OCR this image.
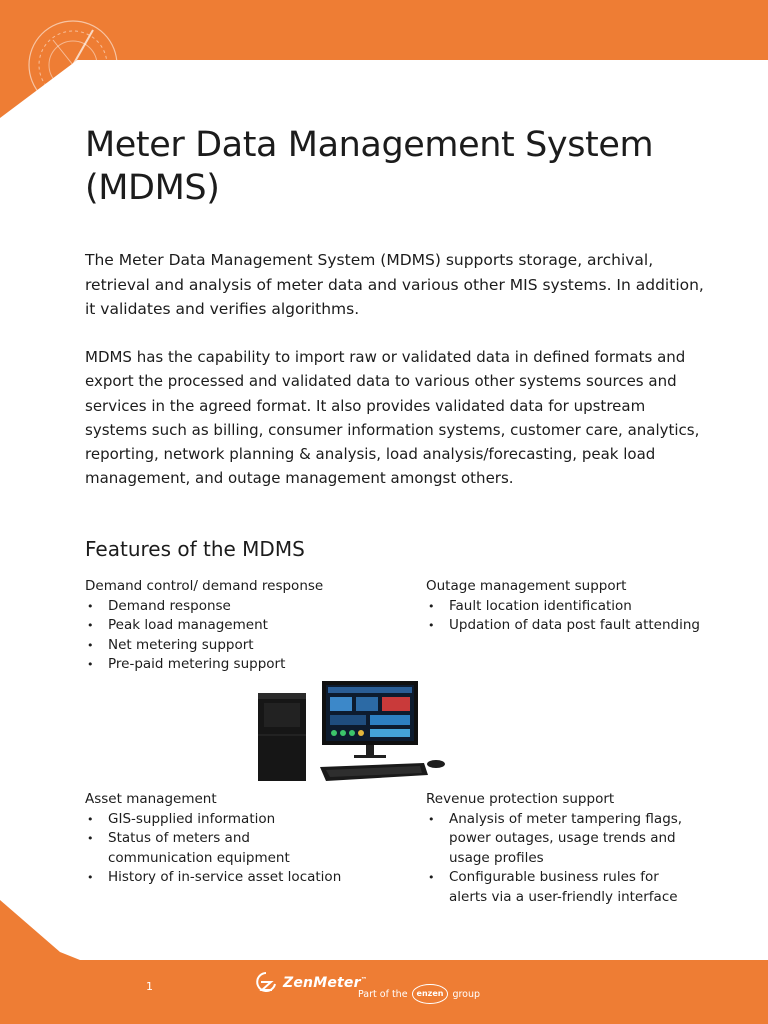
Meter Data Management System (MDMS)

The Meter Data Management System (MDMS) supports storage, archival, retrieval and analysis of meter data and various other MIS systems. In addition, it validates and verifies algorithms.

MDMS has the capability to import raw or validated data in defined formats and export the processed and validated data to various other systems sources and services in the agreed format. It also provides validated data for upstream systems such as billing, consumer information systems, customer care, analytics, reporting, network planning & analysis, load analysis/forecasting, peak load management, and outage management amongst others.

Features of the MDMS
Demand control/ demand response
• Demand response
• Peak load management
• Net metering support
• Pre-paid metering support
Outage management support
• Fault location identification
• Updation of data post fault attending
Asset management
• GIS-supplied information
• Status of meters and communication equipment
• History of in-service asset location
Revenue protection support
• Analysis of meter tampering flags, power outages, usage trends and usage profiles
• Configurable business rules for alerts via a user-friendly interface
1	ZenMeter™
Part of the	enzen group
